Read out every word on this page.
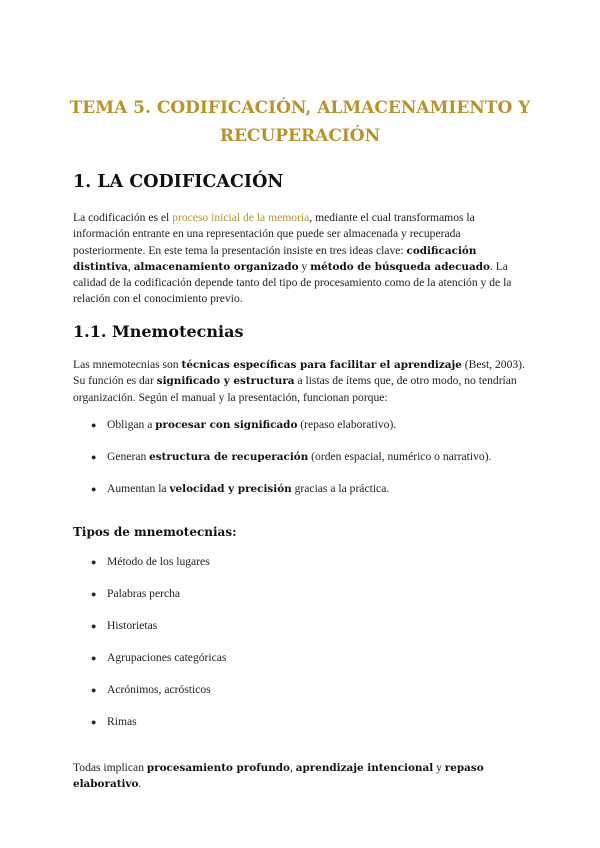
TEMA 5. CODIFICACIÓN, ALMACENAMIENTO Y
RECUPERACIÓN
1. LA CODIFICACIÓN

La codificación es el proceso inicial de la memoria, mediante el cual transformamos la información entrante en una representación que puede ser almacenada y recuperada posteriormente. En este tema la presentación insiste en tres ideas clave: codificación distintiva, almacenamiento organizado y método de búsqueda adecuado. La calidad de la codificación depende tanto del tipo de procesamiento como de la atención y de la relación con el conocimiento previo.

1.1. Mnemotecnias

Las mnemotecnias son técnicas específicas para facilitar el aprendizaje (Best, 2003). Su función es dar significado y estructura a listas de ítems que, de otro modo, no tendrían organización. Según el manual y la presentación, funcionan porque:

● Obligan a procesar con significado (repaso elaborativo).
● Generan estructura de recuperación (orden espacial, numérico o narrativo).
● Aumentan la velocidad y precisión gracias a la práctica.
Tipos de mnemotecnias:
● Método de los lugares
● Palabras percha
● Historietas
● Agrupaciones categóricas
● Acrónimos, acrósticos
● Rimas

Todas implican procesamiento profundo, aprendizaje intencional y repaso elaborativo.
